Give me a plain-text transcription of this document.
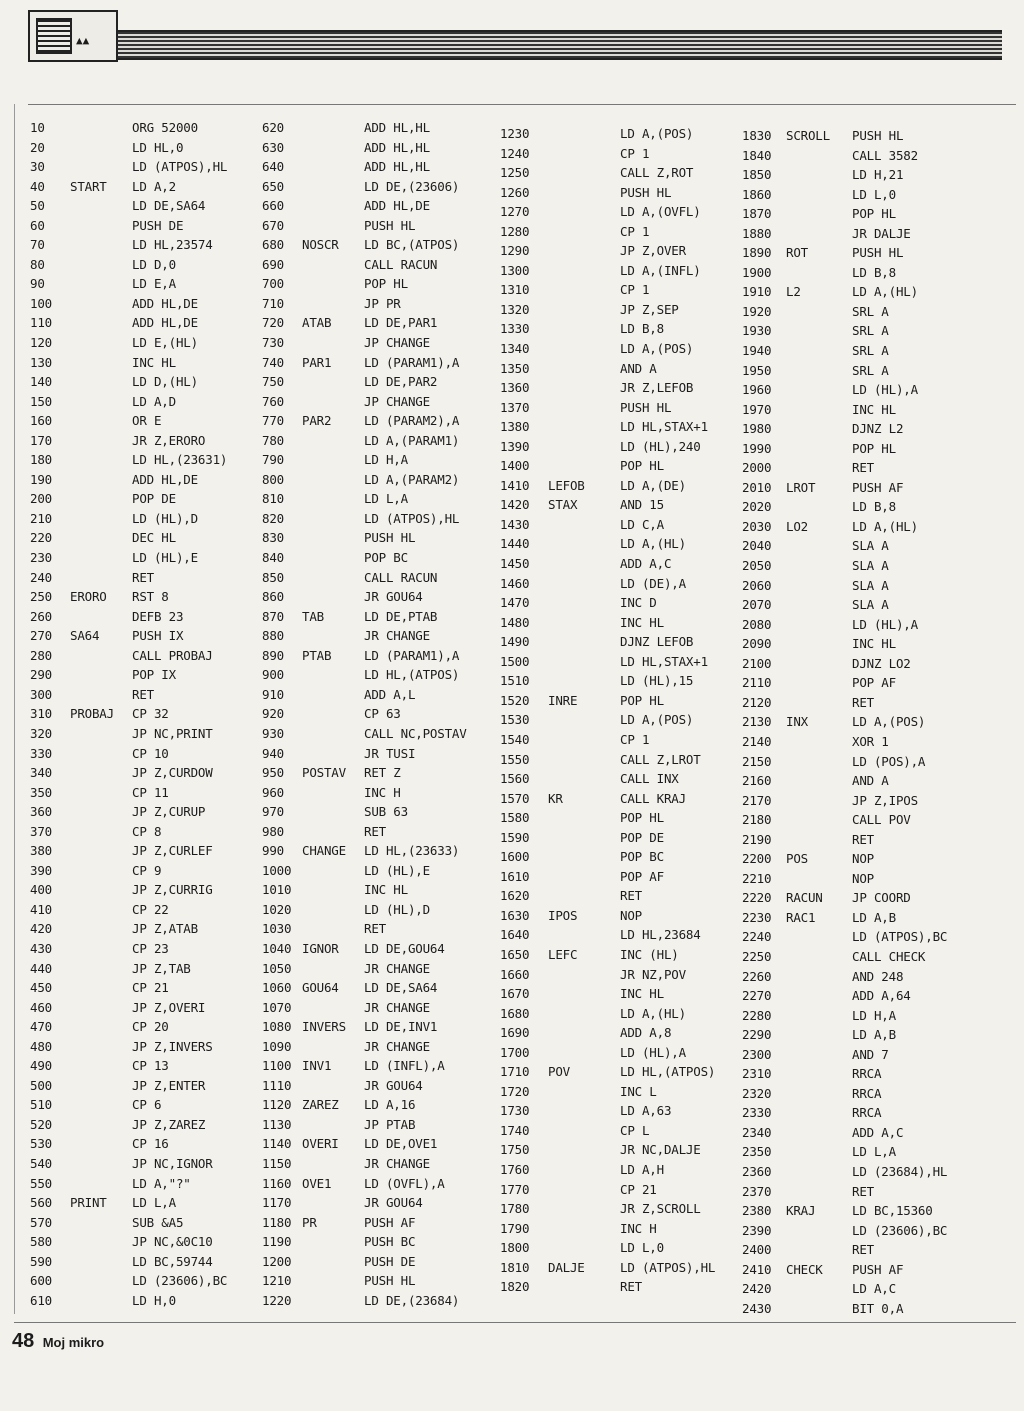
▲▲
10	ORG 52000
20	LD HL,0
30	LD (ATPOS),HL
40 START LD A,2
50	LD DE,SA64
60	PUSH DE
70	LD HL,23574
80	LD D,0
90	LD E,A
100	ADD HL,DE
110	ADD HL,DE
120	LD E,(HL)
130	INC HL
140	LD D,(HL)
150	LD A,D
160	OR E
170	JR Z,ERORO
180	LD HL,(23631)
190	ADD HL,DE
200	POP DE
210	LD (HL),D
220	DEC HL
230	LD (HL),E
240	RET
250 ERORO RST 8
260	DEFB 23
270 SA64	PUSH IX
280	CALL PROBAJ
290	POP IX
300	RET
310 PROBAJ CP 32
320	JP NC,PRINT
330	CP 10
340	JP Z,CURDOW
350	CP 11
360	JP Z,CURUP
370	CP 8
380	JP Z,CURLEF
390	CP 9
400	JP Z,CURRIG
410	CP 22
420	JP Z,ATAB
430	CP 23
440	JP Z,TAB
450	CP 21
460	JP Z,OVERI
470	CP 20
480	JP Z,INVERS
490	CP 13
500	JP Z,ENTER
510	CP 6
520	JP Z,ZAREZ
530	CP 16
540	JP NC,IGNOR
550	LD A,"?"
560 PRINT LD L,A
570	SUB &A5
580	JP NC,&0C10
590	LD BC,59744
600	LD (23606),BC
610	LD H,0
620	ADD HL,HL
630	ADD HL,HL
640	ADD HL,HL
650	LD DE,(23606)
660	ADD HL,DE
670	PUSH HL
680 NOSCR LD BC,(ATPOS)
690	CALL RACUN
700	POP HL
710	JP PR
720 ATAB	LD DE,PAR1
730	JP CHANGE
740 PAR1	LD (PARAM1),A
750	LD DE,PAR2
760	JP CHANGE
770 PAR2	LD (PARAM2),A
780	LD A,(PARAM1)
790	LD H,A
800	LD A,(PARAM2)
810	LD L,A
820	LD (ATPOS),HL
830	PUSH HL
840	POP BC
850	CALL RACUN
860	JR GOU64
870 TAB	LD DE,PTAB
880	JR CHANGE
890 PTAB	LD (PARAM1),A
900	LD HL,(ATPOS)
910	ADD A,L
920	CP 63
930	CALL NC,POSTAV
940	JR TUSI
950 POSTAV RET Z
960	INC H
970	SUB 63
980	RET
990 CHANGE LD HL,(23633)
1000	LD (HL),E
1010	INC HL
1020	LD (HL),D
1030	RET
1040 IGNOR LD DE,GOU64
1050	JR CHANGE
1060 GOU64 LD DE,SA64
1070	JR CHANGE
1080 INVERS LD DE,INV1
1090	JR CHANGE
1100 INV1	LD (INFL),A
1110	JR GOU64
1120 ZAREZ LD A,16
1130	JP PTAB
1140 OVERI LD DE,OVE1
1150	JR CHANGE
1160 OVE1	LD (OVFL),A
1170	JR GOU64
1180 PR	PUSH AF
1190	PUSH BC
1200	PUSH DE
1210	PUSH HL
1220	LD DE,(23684)
1230	LD A,(POS)
1240	CP 1
1250	CALL Z,ROT
1260	PUSH HL
1270	LD A,(OVFL)
1280	CP 1
1290	JP Z,OVER
1300	LD A,(INFL)
1310	CP 1
1320	JP Z,SEP
1330	LD B,8
1340	LD A,(POS)
1350	AND A
1360	JR Z,LEFOB
1370	PUSH HL
1380	LD HL,STAX+1
1390	LD (HL),240
1400	POP HL
1410 LEFOB	LD A,(DE)
1420 STAX	AND 15
1430	LD C,A
1440	LD A,(HL)
1450	ADD A,C
1460	LD (DE),A
1470	INC D
1480	INC HL
1490	DJNZ LEFOB
1500	LD HL,STAX+1
1510	LD (HL),15
1520 INRE	POP HL
1530	LD A,(POS)
1540	CP 1
1550	CALL Z,LROT
1560	CALL INX
1570 KR	CALL KRAJ
1580	POP HL
1590	POP DE
1600	POP BC
1610	POP AF
1620	RET
1630 IPOS	NOP
1640	LD HL,23684
1650 LEFC	INC (HL)
1660	JR NZ,POV
1670	INC HL
1680	LD A,(HL)
1690	ADD A,8
1700	LD (HL),A
1710 POV	LD HL,(ATPOS)
1720	INC L
1730	LD A,63
1740	CP L
1750	JR NC,DALJE
1760	LD A,H
1770	CP 21
1780	JR Z,SCROLL
1790	INC H
1800	LD L,0
1810 DALJE	LD (ATPOS),HL
1820	RET
1830 SCROLL PUSH HL
1840	CALL 3582
1850	LD H,21
1860	LD L,0
1870	POP HL
1880	JR DALJE
1890 ROT	PUSH HL
1900	LD B,8
1910 L2	LD A,(HL)
1920	SRL A
1930	SRL A
1940	SRL A
1950	SRL A
1960	LD (HL),A
1970	INC HL
1980	DJNZ L2
1990	POP HL
2000	RET
2010 LROT	PUSH AF
2020	LD B,8
2030 LO2	LD A,(HL)
2040	SLA A
2050	SLA A
2060	SLA A
2070	SLA A
2080	LD (HL),A
2090	INC HL
2100	DJNZ LO2
2110	POP AF
2120	RET
2130 INX	LD A,(POS)
2140	XOR 1
2150	LD (POS),A
2160	AND A
2170	JP Z,IPOS
2180	CALL POV
2190	RET
2200 POS	NOP
2210	NOP
2220 RACUN JP COORD
2230 RAC1	LD A,B
2240	LD (ATPOS),BC
2250	CALL CHECK
2260	AND 248
2270	ADD A,64
2280	LD H,A
2290	LD A,B
2300	AND 7
2310	RRCA
2320	RRCA
2330	RRCA
2340	ADD A,C
2350	LD L,A
2360	LD (23684),HL
2370	RET
2380 KRAJ	LD BC,15360
2390	LD (23606),BC
2400	RET
2410 CHECK PUSH AF
2420	LD A,C
2430	BIT 0,A
48 Moj mikro
